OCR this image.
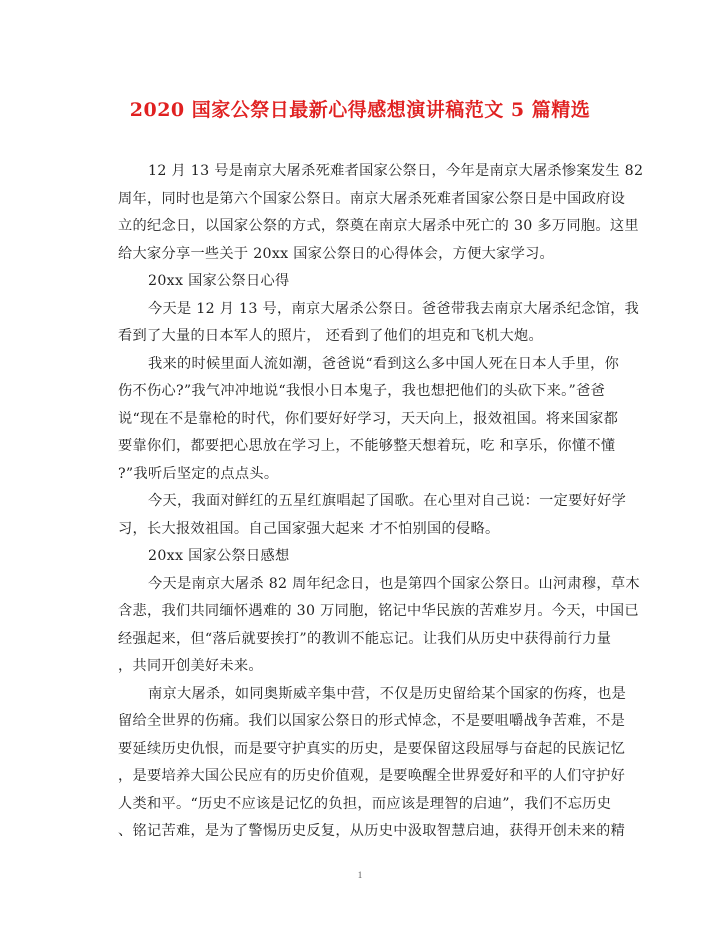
2020 国家公祭日最新心得感想演讲稿范文 5 篇精选
12 月 13 号是南京大屠杀死难者国家公祭日，今年是南京大屠杀惨案发生 82
周年，同时也是第六个国家公祭日。南京大屠杀死难者国家公祭日是中国政府设
立的纪念日，以国家公祭的方式，祭奠在南京大屠杀中死亡的 30 多万同胞。这里
给大家分享一些关于 20xx 国家公祭日的心得体会，方便大家学习。
20xx 国家公祭日心得
今天是 12 月 13 号，南京大屠杀公祭日。爸爸带我去南京大屠杀纪念馆，我
看到了大量的日本军人的照片， 还看到了他们的坦克和飞机大炮。
我来的时候里面人流如潮，爸爸说“看到这么多中国人死在日本人手里，你
伤不伤心?”我气冲冲地说“我恨小日本鬼子，我也想把他们的头砍下来。”爸爸
说“现在不是靠枪的时代，你们要好好学习，天天向上，报效祖国。将来国家都
要靠你们，都要把心思放在学习上，不能够整天想着玩，吃 和享乐，你懂不懂
?”我听后坚定的点点头。
今天，我面对鲜红的五星红旗唱起了国歌。在心里对自己说：一定要好好学
习，长大报效祖国。自己国家强大起来 才不怕别国的侵略。
20xx 国家公祭日感想
今天是南京大屠杀 82 周年纪念日，也是第四个国家公祭日。山河肃穆，草木
含悲，我们共同缅怀遇难的 30 万同胞，铭记中华民族的苦难岁月。今天，中国已
经强起来，但“落后就要挨打”的教训不能忘记。让我们从历史中获得前行力量
，共同开创美好未来。
南京大屠杀，如同奥斯威辛集中营，不仅是历史留给某个国家的伤疼，也是
留给全世界的伤痛。我们以国家公祭日的形式悼念，不是要咀嚼战争苦难，不是
要延续历史仇恨，而是要守护真实的历史，是要保留这段屈辱与奋起的民族记忆
，是要培养大国公民应有的历史价值观，是要唤醒全世界爱好和平的人们守护好
人类和平。“历史不应该是记忆的负担，而应该是理智的启迪”，我们不忘历史
、铭记苦难，是为了警惕历史反复，从历史中汲取智慧启迪，获得开创未来的精
1
